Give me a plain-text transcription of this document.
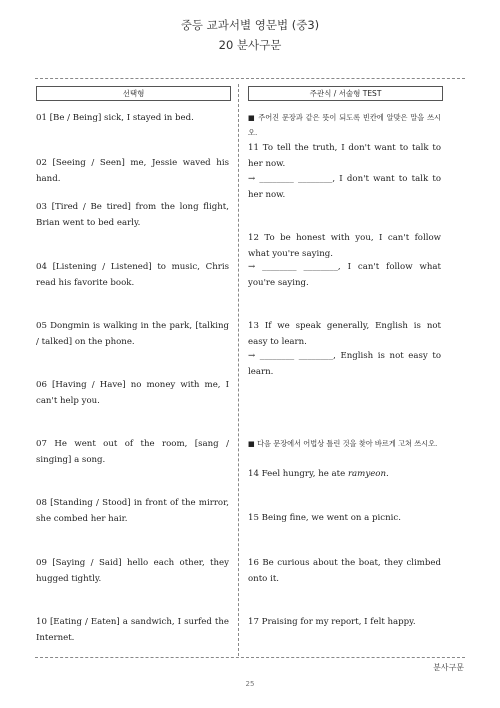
중등 교과서별 영문법 (중3)
20 분사구문
선택형	주관식 / 서술형 TEST
01 [Be / Being] sick, I stayed in bed.
02 [Seeing / Seen] me, Jessie waved his hand.
03 [Tired / Be tired] from the long flight, Brian went to bed early.
04 [Listening / Listened] to music, Chris read his favorite book.
05 Dongmin is walking in the park, [talking / talked] on the phone.
06 [Having / Have] no money with me, I can't help you.
07 He went out of the room, [sang / singing] a song.
08 [Standing / Stood] in front of the mirror, she combed her hair.
09 [Saying / Said] hello each other, they hugged tightly.
10 [Eating / Eaten] a sandwich, I surfed the Internet.
■ 주어진 문장과 같은 뜻이 되도록 빈칸에 알맞은 말을 쓰시오.
11 To tell the truth, I don't want to talk to her now.
→ ________ ________, I don't want to talk to her now.
12 To be honest with you, I can't follow what you're saying.
→ ________ ________, I can't follow what you're saying.
13 If we speak generally, English is not easy to learn.
→ ________ ________, English is not easy to learn.
■ 다음 문장에서 어법상 틀린 것을 찾아 바르게 고쳐 쓰시오.
14 Feel hungry, he ate ramyeon.
15 Being fine, we went on a picnic.
16 Be curious about the boat, they climbed onto it.
17 Praising for my report, I felt happy.
분사구문
25
